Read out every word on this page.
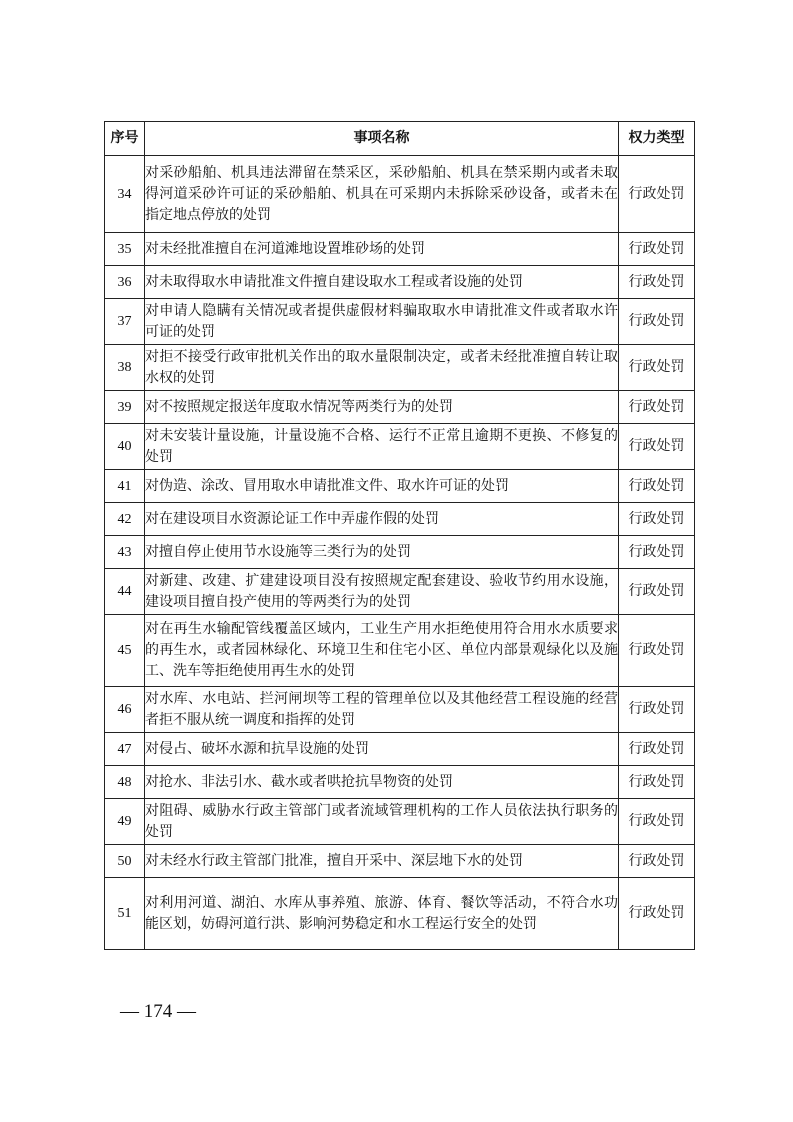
序号	事项名称	权力类型
34	对采砂船舶、机具违法滞留在禁采区，采砂船舶、机具在禁采期内或者未取得河道采砂许可证的采砂船舶、机具在可采期内未拆除采砂设备，或者未在指定地点停放的处罚	行政处罚
35	对未经批准擅自在河道滩地设置堆砂场的处罚	行政处罚
36	对未取得取水申请批准文件擅自建设取水工程或者设施的处罚	行政处罚
37	对申请人隐瞒有关情况或者提供虚假材料骗取取水申请批准文件或者取水许可证的处罚	行政处罚
38	对拒不接受行政审批机关作出的取水量限制决定，或者未经批准擅自转让取水权的处罚	行政处罚
39	对不按照规定报送年度取水情况等两类行为的处罚	行政处罚
40	对未安装计量设施，计量设施不合格、运行不正常且逾期不更换、不修复的处罚	行政处罚
41	对伪造、涂改、冒用取水申请批准文件、取水许可证的处罚	行政处罚
42	对在建设项目水资源论证工作中弄虚作假的处罚	行政处罚
43	对擅自停止使用节水设施等三类行为的处罚	行政处罚
44	对新建、改建、扩建建设项目没有按照规定配套建设、验收节约用水设施，建设项目擅自投产使用的等两类行为的处罚	行政处罚
45	对在再生水输配管线覆盖区域内，工业生产用水拒绝使用符合用水水质要求的再生水，或者园林绿化、环境卫生和住宅小区、单位内部景观绿化以及施工、洗车等拒绝使用再生水的处罚	行政处罚
46	对水库、水电站、拦河闸坝等工程的管理单位以及其他经营工程设施的经营者拒不服从统一调度和指挥的处罚	行政处罚
47	对侵占、破坏水源和抗旱设施的处罚	行政处罚
48	对抢水、非法引水、截水或者哄抢抗旱物资的处罚	行政处罚
49	对阻碍、威胁水行政主管部门或者流域管理机构的工作人员依法执行职务的处罚	行政处罚
50	对未经水行政主管部门批准，擅自开采中、深层地下水的处罚	行政处罚
51	对利用河道、湖泊、水库从事养殖、旅游、体育、餐饮等活动，不符合水功能区划，妨碍河道行洪、影响河势稳定和水工程运行安全的处罚	行政处罚
— 174 —
